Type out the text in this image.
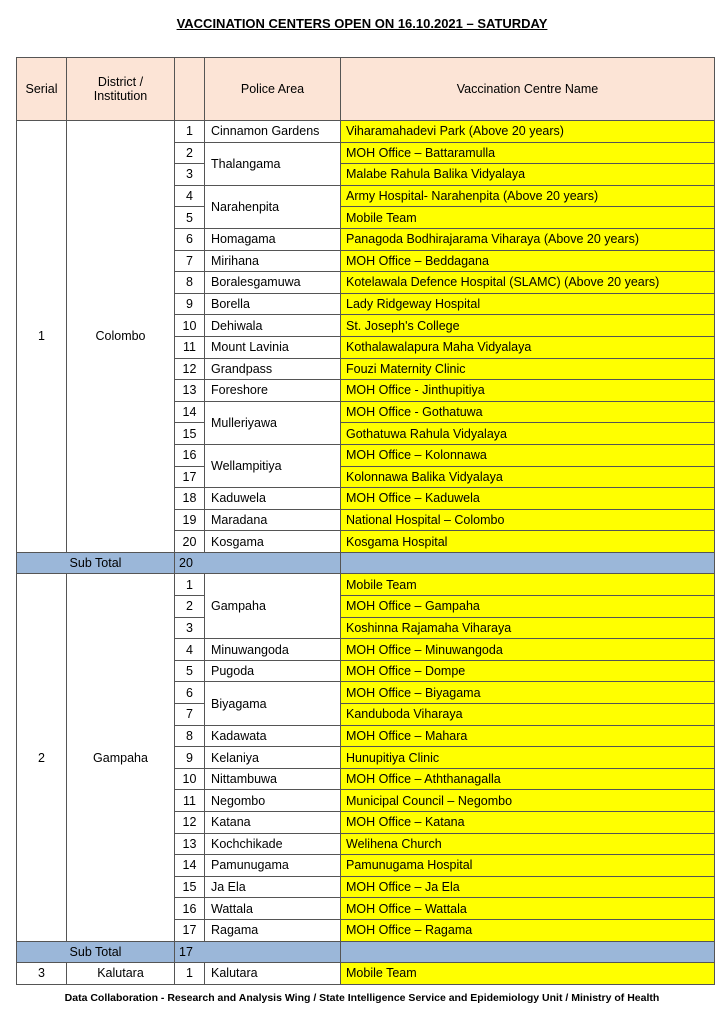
VACCINATION CENTERS OPEN ON 16.10.2021 – SATURDAY
Serial	District / Institution		Police Area	Vaccination Centre Name
1	Colombo	1	Cinnamon Gardens	Viharamahadevi Park (Above 20 years)
		2	Thalangama	MOH Office – Battaramulla
		3		Malabe Rahula Balika Vidyalaya
		4	Narahenpita	Army Hospital- Narahenpita (Above 20 years)
		5		Mobile Team
		6	Homagama	Panagoda Bodhirajarama Viharaya (Above 20 years)
		7	Mirihana	MOH Office – Beddagana
		8	Boralesgamuwa	Kotelawala Defence Hospital (SLAMC) (Above 20 years)
		9	Borella	Lady Ridgeway Hospital
		10	Dehiwala	St. Joseph's College
		11	Mount Lavinia	Kothalawalapura Maha Vidyalaya
		12	Grandpass	Fouzi Maternity Clinic
		13	Foreshore	MOH Office - Jinthupitiya
		14	Mulleriyawa	MOH Office - Gothatuwa
		15		Gothatuwa Rahula Vidyalaya
		16	Wellampitiya	MOH Office – Kolonnawa
		17		Kolonnawa Balika Vidyalaya
		18	Kaduwela	MOH Office – Kaduwela
		19	Maradana	National Hospital – Colombo
		20	Kosgama	Kosgama Hospital
Sub Total		20		
2	Gampaha	1	Gampaha	Mobile Team
		2		MOH Office – Gampaha
		3		Koshinna Rajamaha Viharaya
		4	Minuwangoda	MOH Office – Minuwangoda
		5	Pugoda	MOH Office – Dompe
		6	Biyagama	MOH Office – Biyagama
		7		Kanduboda Viharaya
		8	Kadawata	MOH Office – Mahara
		9	Kelaniya	Hunupitiya Clinic
		10	Nittambuwa	MOH Office – Aththanagalla
		11	Negombo	Municipal Council – Negombo
		12	Katana	MOH Office – Katana
		13	Kochchikade	Welihena Church
		14	Pamunugama	Pamunugama Hospital
		15	Ja Ela	MOH Office – Ja Ela
		16	Wattala	MOH Office – Wattala
		17	Ragama	MOH Office – Ragama
Sub Total		17		
3	Kalutara	1	Kalutara	Mobile Team
Data Collaboration - Research and Analysis Wing / State Intelligence Service and Epidemiology Unit / Ministry of Health
